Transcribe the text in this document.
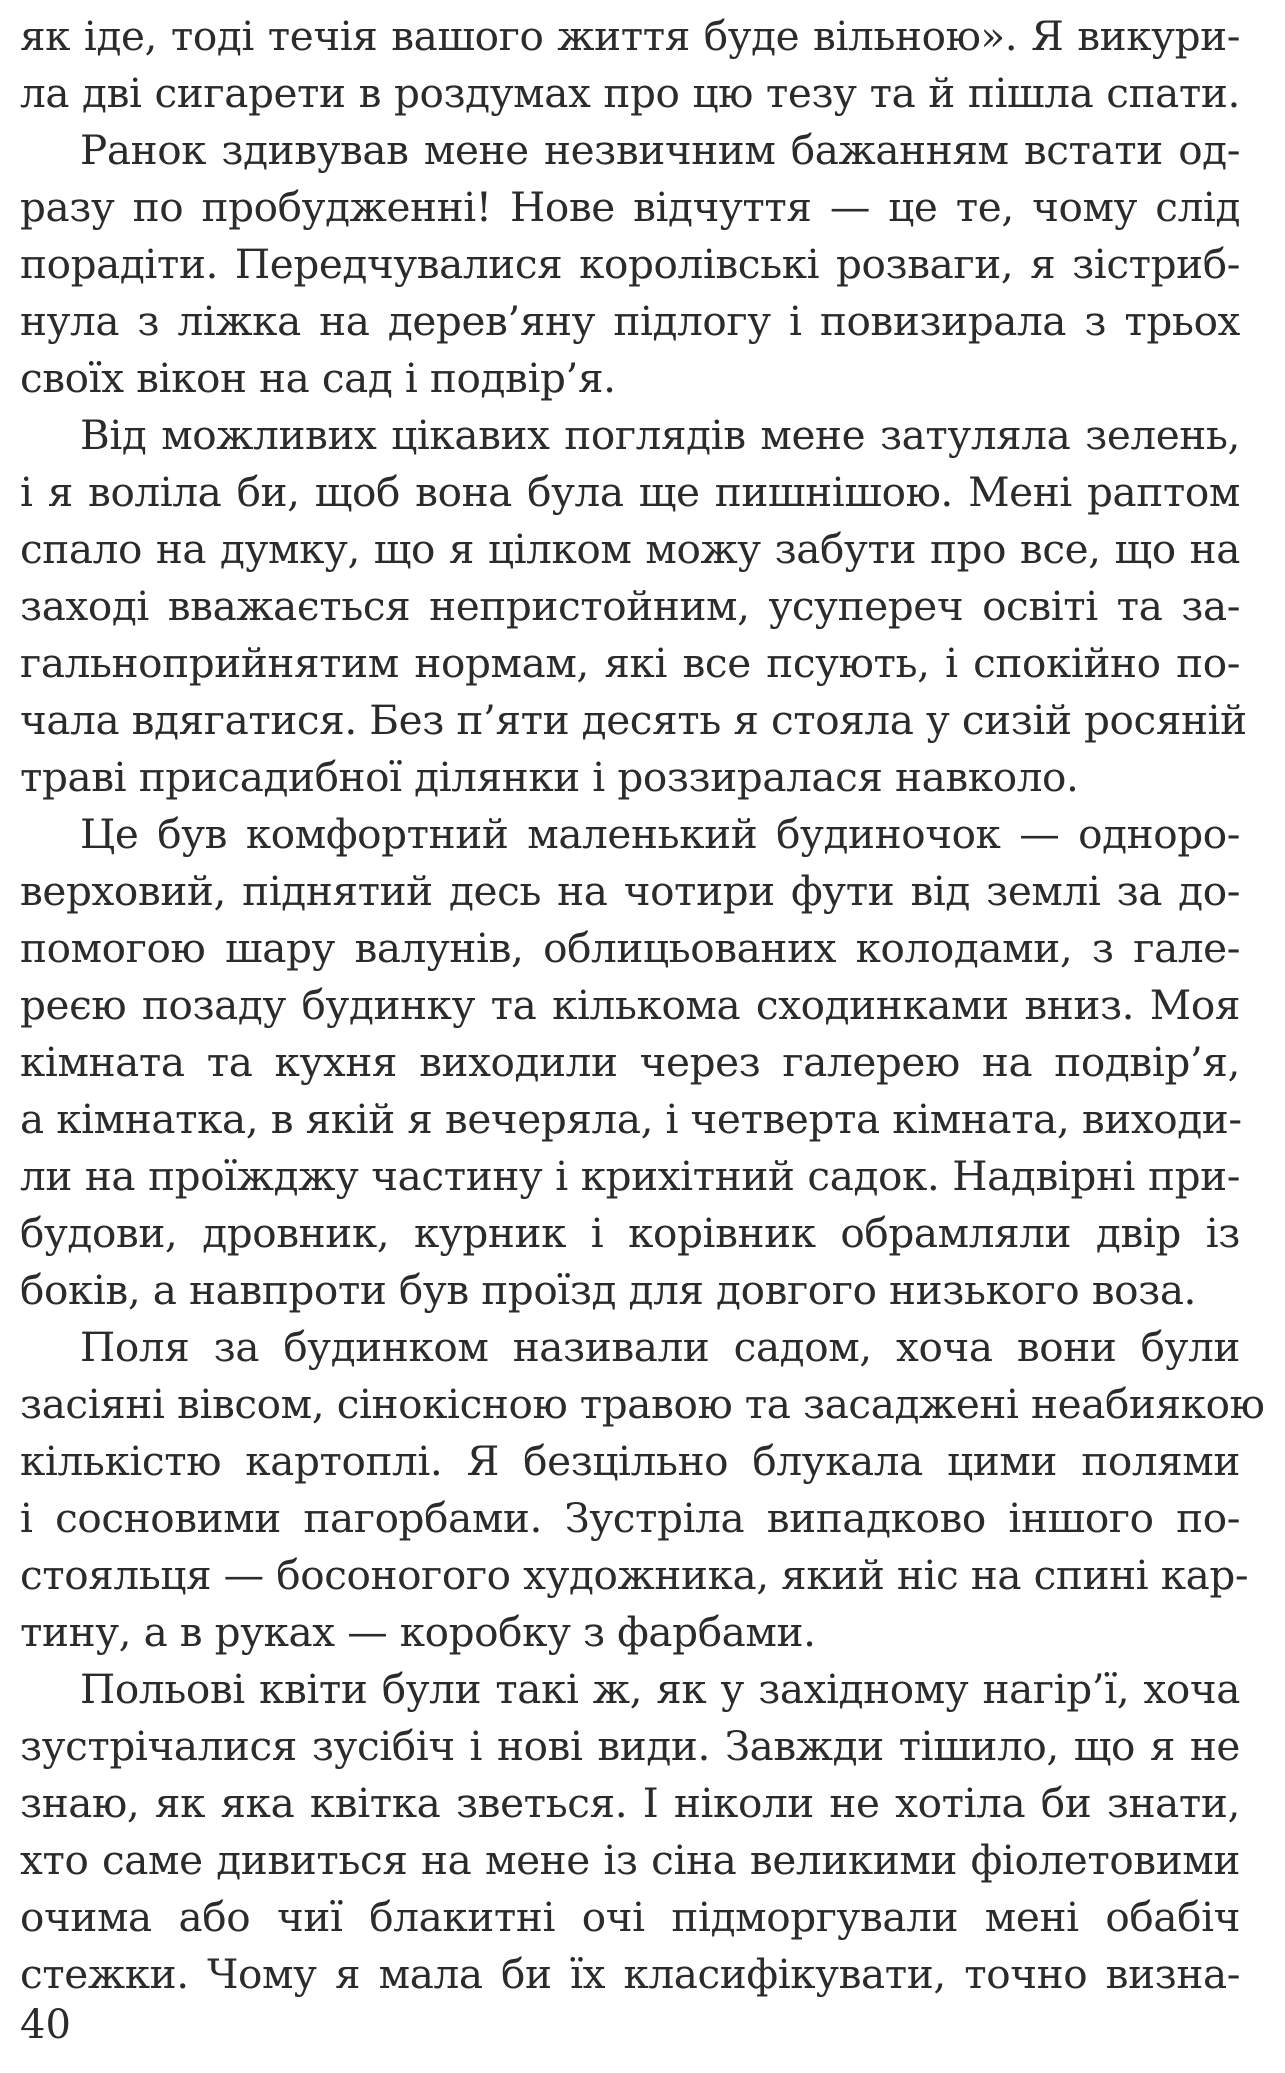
як іде, тоді течія вашого життя буде вільною». Я викури-
ла дві сигарети в роздумах про цю тезу та й пішла спати.

Ранок здивував мене незвичним бажанням встати од-
разу по пробудженні! Нове відчуття — це те, чому слід
порадіти. Передчувалися королівські розваги, я зістриб-
нула з ліжка на дерев’яну підлогу і повизирала з трьох
своїх вікон на сад і подвір’я.

Від можливих цікавих поглядів мене затуляла зелень,
і я воліла би, щоб вона була ще пишнішою. Мені раптом
спало на думку, що я цілком можу забути про все, що на
заході вважається непристойним, усупереч освіті та за-
гальноприйнятим нормам, які все псують, і спокійно по-
чала вдягатися. Без п’яти десять я стояла у сизій росяній
траві присадибної ділянки і роззиралася навколо.

Це був комфортний маленький будиночок — одноpo-
верховий, піднятий десь на чотири фути від землі за до-
помогою шару валунів, облицьованих колодами, з гале-
реєю позаду будинку та кількома сходинками вниз. Моя
кімната та кухня виходили через галерею на подвір’я,
а кімнатка, в якій я вечеряла, і четверта кімната, виходи-
ли на проїжджу частину і крихітний садок. Надвірні при-
будови, дровник, курник і корівник обрамляли двір із
боків, а навпроти був проїзд для довгого низького воза.

Поля за будинком називали садом, хоча вони були
засіяні вівсом, сінокісною травою та засаджені неабиякою
кількістю картоплі. Я безцільно блукала цими полями
і сосновими пагорбами. Зустріла випадково іншого по-
стояльця — босоногого художника, який ніс на спині кар-
тину, а в руках — коробку з фарбами.

Польові квіти були такі ж, як у західному нагір’ї, хоча
зустрічалися зусібіч і нові види. Завжди тішило, що я не
знаю, як яка квітка зветься. І ніколи не хотіла би знати,
хто саме дивиться на мене із сіна великими фіолетовими
очима або чиї блакитні очі підморгували мені обабіч
стежки. Чому я мала би їх класифікувати, точно визна-

40
